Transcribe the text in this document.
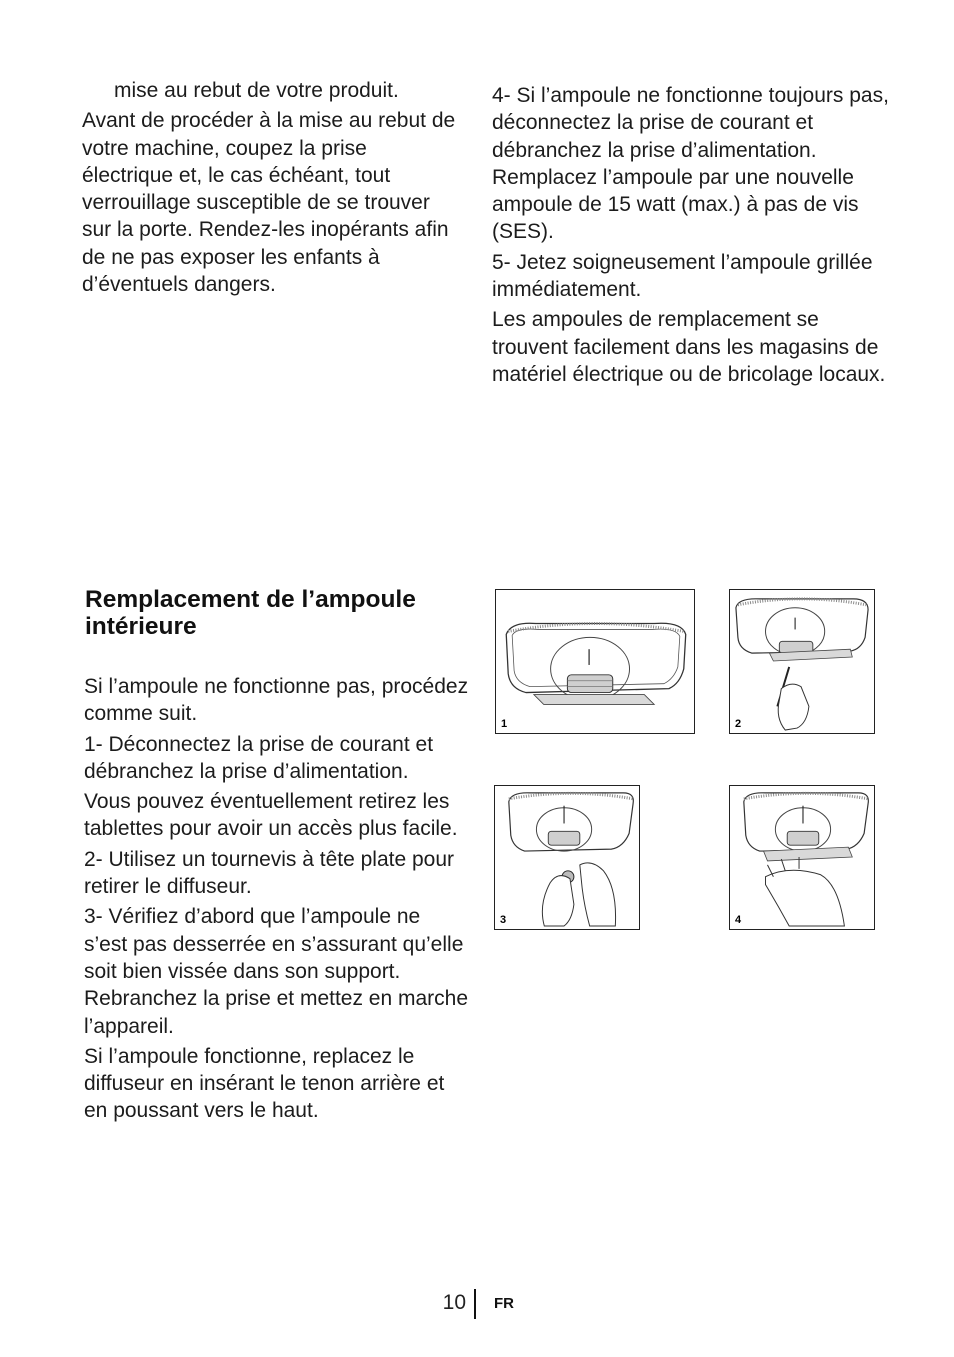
mise au rebut de votre produit.

Avant de procéder à la mise au rebut de votre machine, coupez la prise électrique et, le cas échéant, tout verrouillage susceptible de se trouver sur la porte. Rendez-les inopérants afin de ne pas exposer les enfants à d’éventuels dangers.

4- Si l’ampoule ne fonctionne toujours pas, déconnectez la prise de courant et débranchez la prise d’alimentation. Remplacez l’ampoule par une nouvelle ampoule de 15 watt (max.) à pas de vis (SES).

5- Jetez soigneusement l’ampoule grillée immédiatement.

Les ampoules de remplacement se trouvent facilement dans les magasins de matériel électrique ou de bricolage locaux.

Remplacement de l’ampoule intérieure

Si l’ampoule ne fonctionne pas, procédez comme suit.

1- Déconnectez la prise de courant et débranchez la prise d’alimentation.

Vous pouvez éventuellement retirez les tablettes pour avoir un accès plus facile.

2- Utilisez un tournevis à tête plate pour retirer le diffuseur.

3- Vérifiez d’abord que l’ampoule ne s’est pas desserrée en s’assurant qu’elle soit bien vissée dans son support. Rebranchez la prise et mettez en marche l’appareil.

Si l’ampoule fonctionne, replacez le diffuseur en insérant le tenon arrière et en poussant vers le haut.

1	2
3	4
10 FR
